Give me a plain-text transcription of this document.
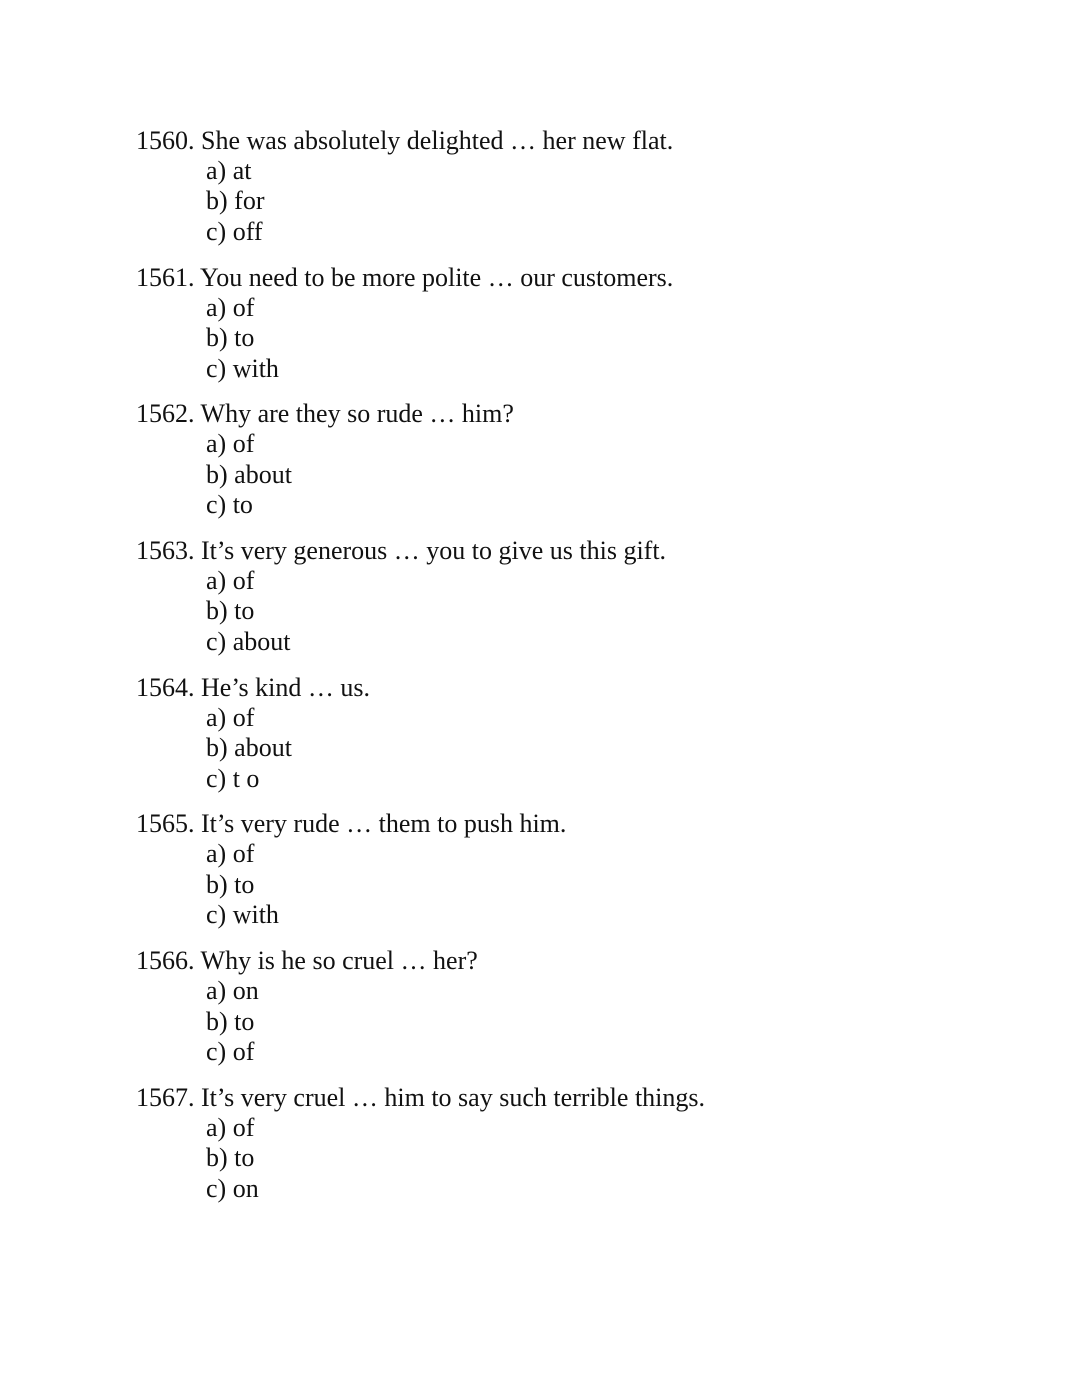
1560. She was absolutely delighted … her new flat.

a) at
b) for
c) off

1561. You need to be more polite … our customers.

a) of
b) to
c) with

1562. Why are they so rude … him?

a) of
b) about
c) to

1563. It’s very generous … you to give us this gift.

a) of
b) to
c) about

1564. He’s kind … us.

a) of
b) about
c) t o

1565. It’s very rude … them to push him.

a) of
b) to
c) with

1566. Why is he so cruel … her?

a) on
b) to
c) of

1567. It’s very cruel … him to say such terrible things.

a) of
b) to
c) on
